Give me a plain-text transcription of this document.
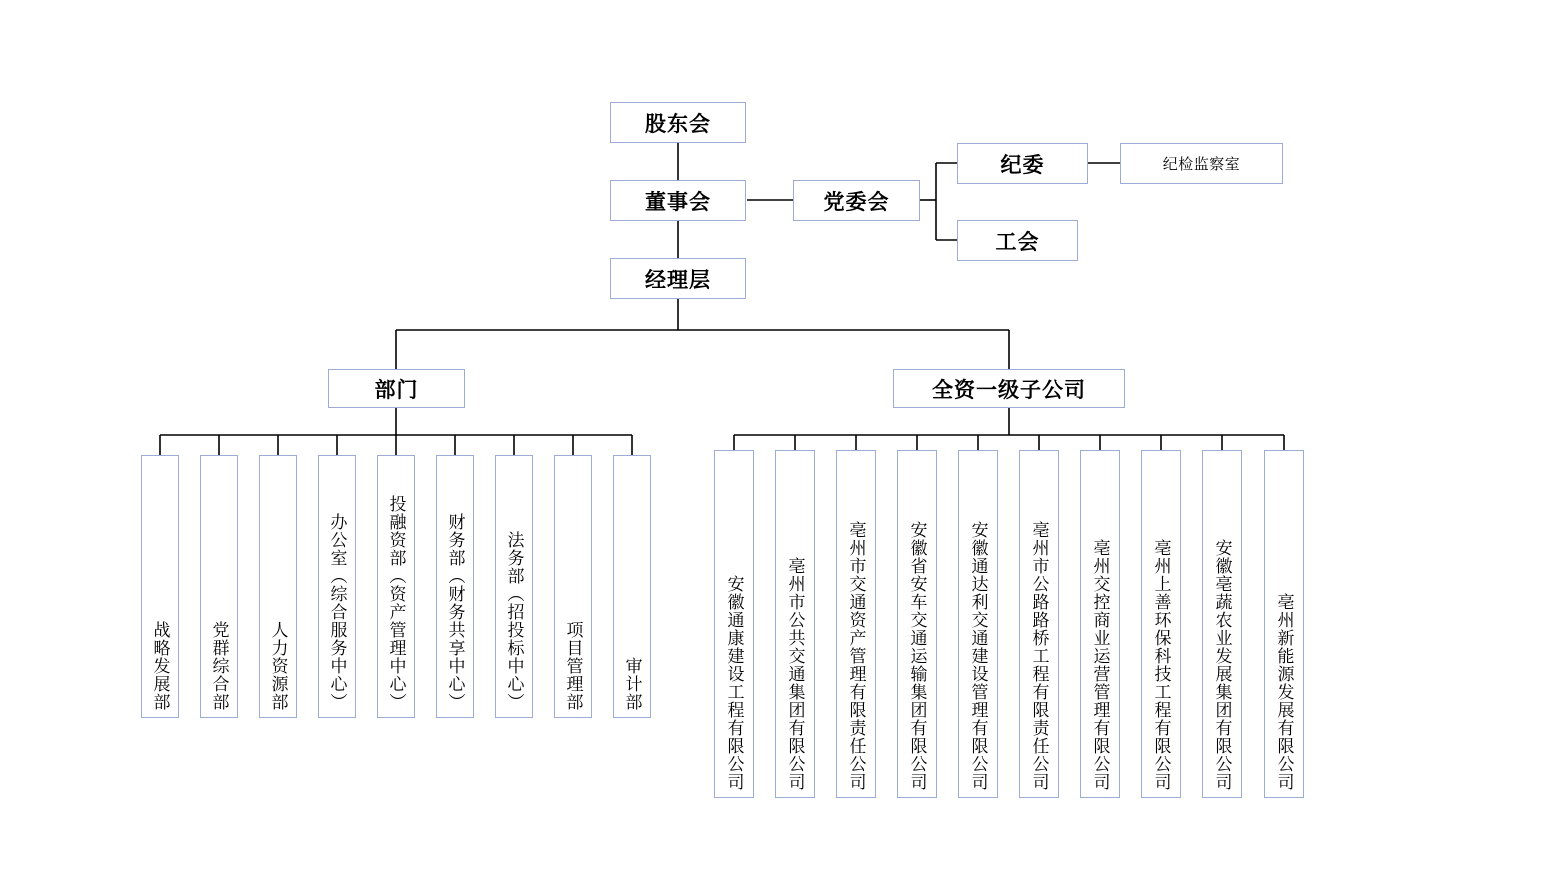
股东会
董事会	党委会
纪委	纪检监察室
工会
经理层
部门	全资一级子公司
战略发展部 党群综合部 人力资源部 办公室（综合服务中心） 投融资部（资产管理中心） 财务部（财务共享中心） 法务部（招投标中心） 项目管理部 审计部	安徽通康建设工程有限公司 亳州市公共交通集团有限公司 亳州市交通资产管理有限责任公司 安徽省安车交通运输集团有限公司 安徽通达利交通建设管理有限公司 亳州市公路路桥工程有限责任公司 亳州交控商业运营管理有限公司 亳州上善环保科技工程有限公司 安徽亳蔬农业发展集团有限公司	亳州新能源发展有限公司
